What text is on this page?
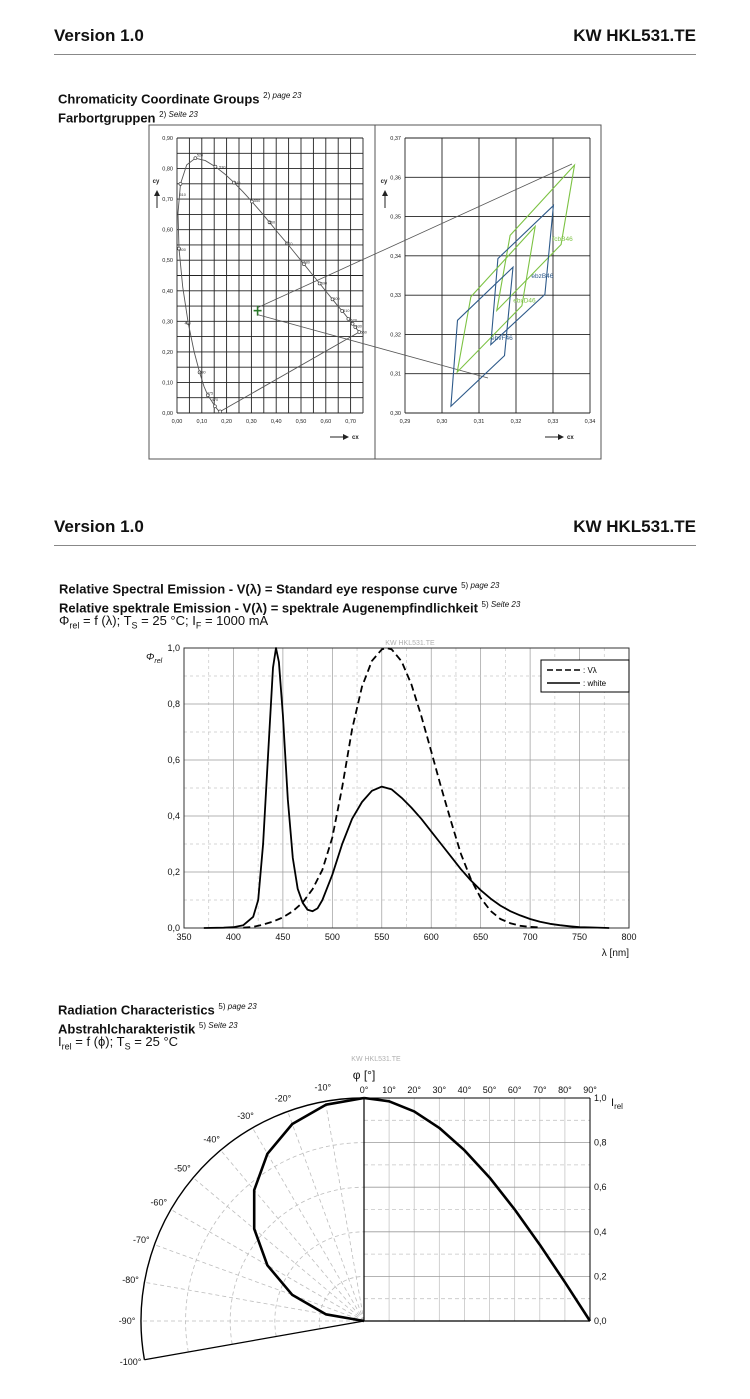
Version 1.0	KW HKL531.TE
Chromaticity Coordinate Groups $^{2) page 23}$
Farbortgruppen $^{2) Seite 23}$
0,00	0,10	0,20	0,30	0,40	0,50	0,60	0,70
0,00
0,10
0,20
0,30
0,40
0,50
0,60
0,70
0,80
0,90
cy
cx
470
475
480
490
500
510
520
530
540
550
560
570
580
590
600
610
620
630
650
0,29	0,30	0,31	0,32	0,33	0,34
0,30
0,31
0,32
0,33
0,34
0,35
0,36
0,37
cy
cx
fcbB46
ebzB46
ebxD46
ebvF46
Version 1.0	KW HKL531.TE
Relative Spectral Emission - V(λ) = Standard eye response curve $^{5) page 23}$
Relative spektrale Emission - V(λ) = spektrale Augenempfindlichkeit $^{5) Seite 23}$
$\Phi_{rel} = f$ (λ); $T_S = 25$ °C; $I_F = 1000$ mA
KW HKL531.TE
350	400	450	500	550	600	650	700	750	800
0,0
0,2
0,4
0,6
0,8
1,0
λ [nm]
$\Phi_{rel}$
: Vλ
: white
Radiation Characteristics $^{5) page 23}$
Abstrahlcharakteristik $^{5) Seite 23}$
$I_{rel} = f$ (ϕ); $T_S = 25$ °C
KW HKL531.TE
-100°
-90°
-80°
-70°
-60°
-50°
-40°
-30°
-20°
-10°	0° 10° 20° 30° 40° 50° 60° 70° 80° 90°
0,0
0,2
0,4
0,6
0,8
1,0 $I_{rel}$
φ [°]
